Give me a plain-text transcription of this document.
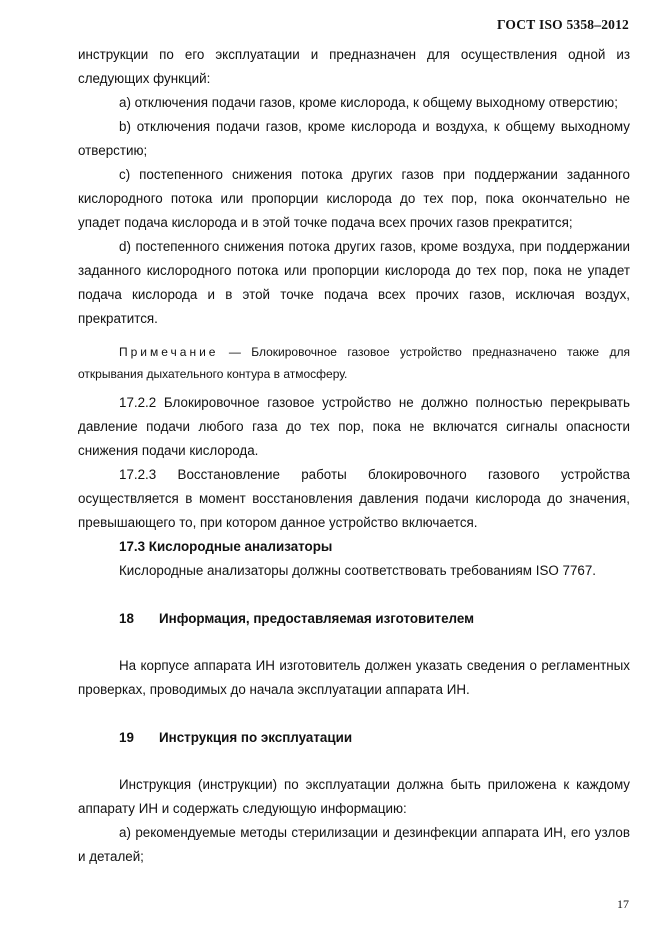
ГОСТ ISO 5358–2012

инструкции по его эксплуатации и предназначен для осуществления одной из следующих функций:

а) отключения подачи газов, кроме кислорода, к общему выходному отверстию;

b) отключения подачи газов, кроме кислорода и воздуха, к общему выходному отверстию;

с) постепенного снижения потока других газов при поддержании заданного кислородного потока или пропорции кислорода до тех пор, пока окончательно не упадет подача кислорода и в этой точке подача всех прочих газов прекратится;

d) постепенного снижения потока других газов, кроме воздуха, при поддержании заданного кислородного потока или пропорции кислорода до тех пор, пока не упадет подача кислорода и в этой точке подача всех прочих газов, исключая воздух, прекратится.

Примечание — Блокировочное газовое устройство предназначено также для открывания дыхательного контура в атмосферу.

17.2.2 Блокировочное газовое устройство не должно полностью перекрывать давление подачи любого газа до тех пор, пока не включатся сигналы опасности снижения подачи кислорода.

17.2.3 Восстановление работы блокировочного газового устройства осуществляется в момент восстановления давления подачи кислорода до значения, превышающего то, при котором данное устройство включается.

17.3 Кислородные анализаторы

Кислородные анализаторы должны соответствовать требованиям ISO 7767.

18	Информация, предоставляемая изготовителем

На корпусе аппарата ИН изготовитель должен указать сведения о регламентных проверках, проводимых до начала эксплуатации аппарата ИН.

19	Инструкция по эксплуатации

Инструкция (инструкции) по эксплуатации должна быть приложена к каждому аппарату ИН и содержать следующую информацию:

а) рекомендуемые методы стерилизации и дезинфекции аппарата ИН, его узлов и деталей;

17
